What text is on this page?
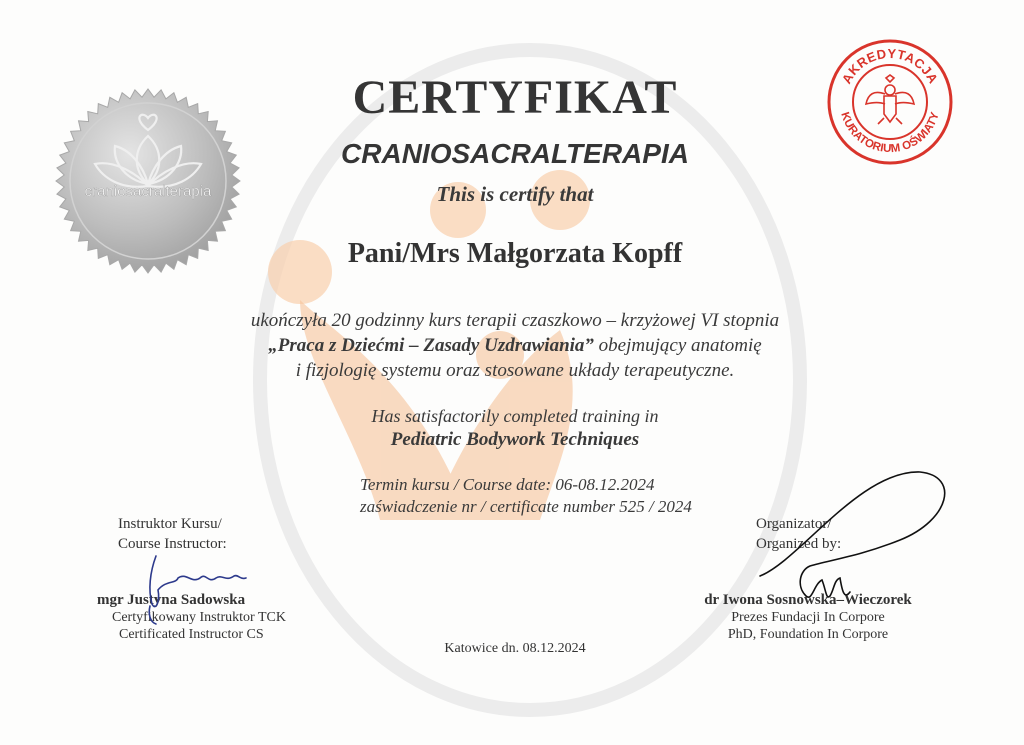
craniosacralterapia
AKREDYTACJA
KURATORIUM OŚWIATY
CERTYFIKAT
CRANIOSACRALTERAPIA
This is certify that
Pani/Mrs Małgorzata Kopff
ukończyła 20 godzinny kurs terapii czaszkowo – krzyżowej VI stopnia
„Praca z Dziećmi – Zasady Uzdrawiania” obejmujący anatomię
i fizjologię systemu oraz stosowane układy terapeutyczne.
Has satisfactorily completed training in
Pediatric Bodywork Techniques
Termin kursu / Course date: 06-08.12.2024
zaświadczenie nr / certificate number 525 / 2024
Instruktor Kursu/
Course Instructor:
mgr Justyna Sadowska
Certyfikowany Instruktor TCK
Certificated Instructor CS
Organizator/
Organized by:
dr Iwona Sosnowska–Wieczorek
Prezes Fundacji In Corpore
PhD, Foundation In Corpore
Katowice dn. 08.12.2024
